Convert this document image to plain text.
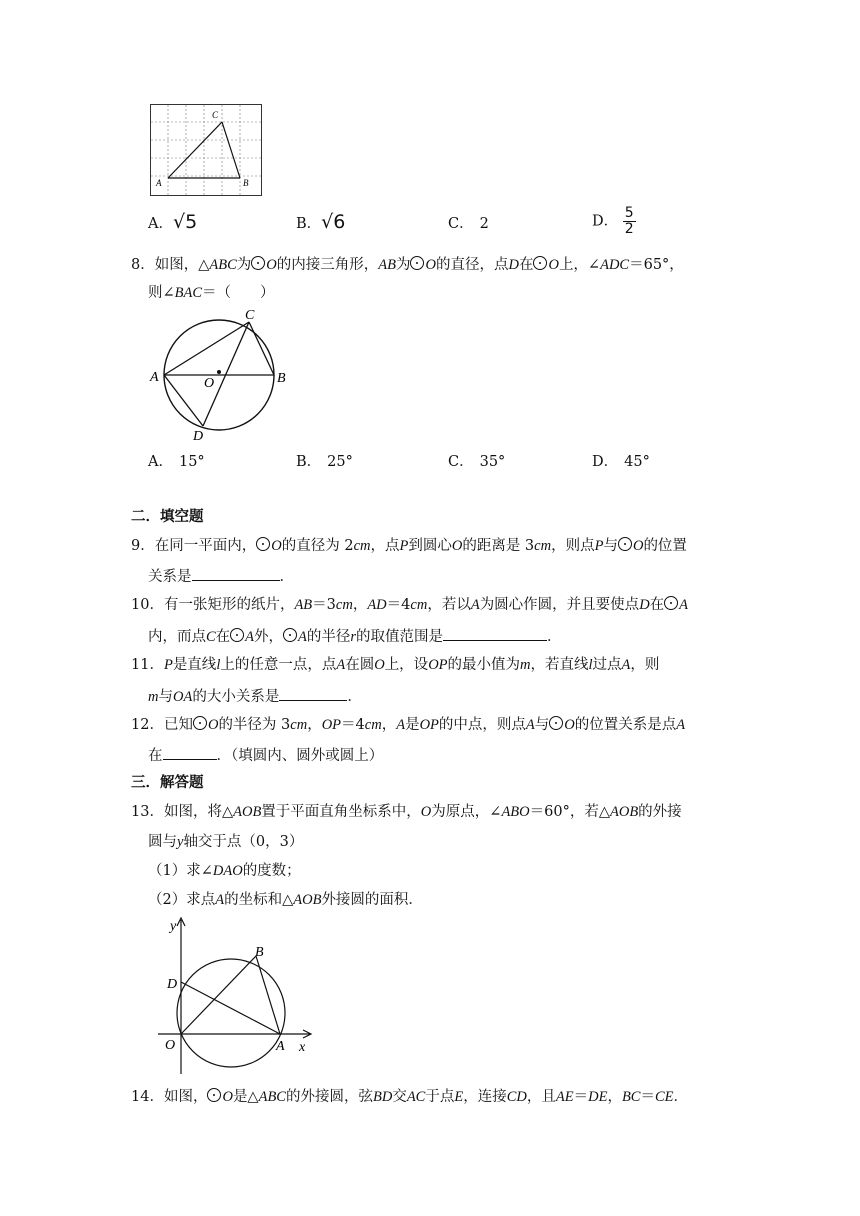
A	B
C
A．√5	B．√6	C． 2	D． $\frac{5}{2}$
8．如图，△ABC为 O的内接三角形，AB为 O的直径，点D在 O上，∠ADC＝65°，
则∠BAC＝（　　）
A	B
C
D
O
A． 15°	B． 25°	C． 35°	D． 45°
二．填空题
9．在同一平面内， O的直径为 2cm，点P到圆心O的距离是 3cm，则点P与 O的位置
关系是	．
10．有一张矩形的纸片，AB＝3cm，AD＝4cm，若以A为圆心作圆，并且要使点D在 A
内，而点C在 A外， A的半径r的取值范围是	．
11．P是直线l上的任意一点，点A在圆O上，设OP的最小值为m，若直线l过点A，则
m与OA的大小关系是	．
12．已知 O的半径为 3cm，OP＝4cm，A是OP的中点，则点A与 O的位置关系是点A
在	．（填圆内、圆外或圆上）
三．解答题
13．如图，将△AOB置于平面直角坐标系中，O为原点，∠ABO＝60°，若△AOB的外接
圆与y轴交于点（0，3）
（1）求∠DAO的度数；
（2）求点A的坐标和△AOB外接圆的面积．
y
x
O	A
B
D
14．如图， O是△ABC的外接圆，弦BD交AC于点E，连接CD，且AE＝DE，BC＝CE．
